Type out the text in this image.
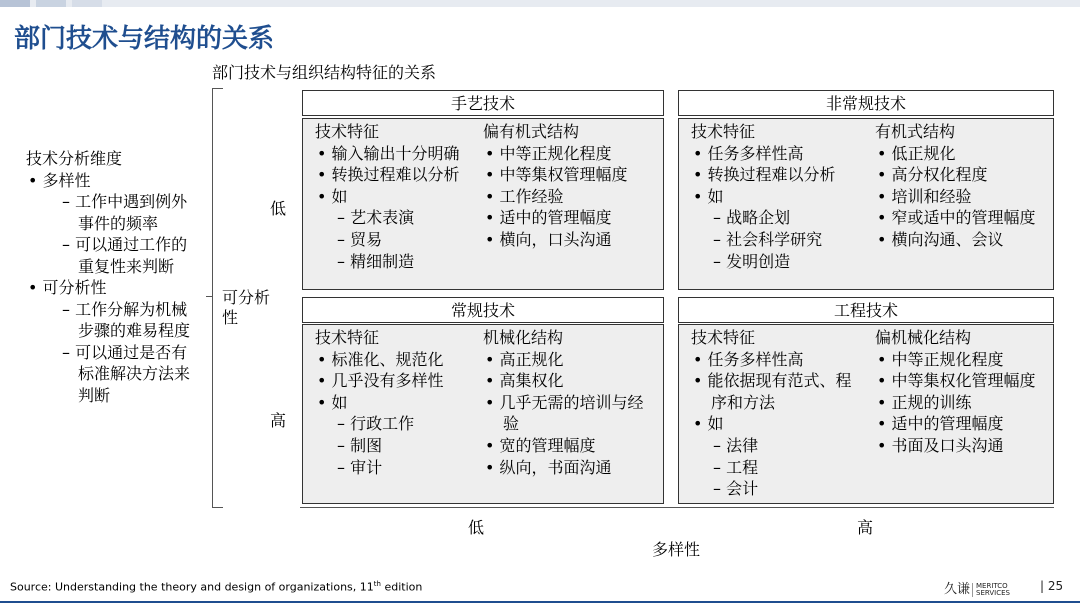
部门技术与结构的关系
部门技术与组织结构特征的关系
技术分析维度
• 多样性
– 工作中遇到例外事件的频率
– 可以通过工作的重复性来判断
• 可分析性
– 工作分解为机械步骤的难易程度
– 可以通过是否有标准解决方法来判断
可分析性
低
高
手艺技术
技术特征
• 输入输出十分明确
• 转换过程难以分析
• 如
– 艺术表演
– 贸易
– 精细制造
偏有机式结构
• 中等正规化程度
• 中等集权管理幅度
• 工作经验
• 适中的管理幅度
• 横向，口头沟通
非常规技术
技术特征
• 任务多样性高
• 转换过程难以分析
• 如
– 战略企划
– 社会科学研究
– 发明创造
有机式结构
• 低正规化
• 高分权化程度
• 培训和经验
• 窄或适中的管理幅度
• 横向沟通、会议
常规技术
技术特征
• 标准化、规范化
• 几乎没有多样性
• 如
– 行政工作
– 制图
– 审计
机械化结构
• 高正规化
• 高集权化
• 几乎无需的培训与经验
• 宽的管理幅度
• 纵向，书面沟通
工程技术
技术特征
• 任务多样性高
• 能依据现有范式、程序和方法
• 如
– 法律
– 工程
– 会计
偏机械化结构
• 中等正规化程度
• 中等集权化管理幅度
• 正规的训练
• 适中的管理幅度
• 书面及口头沟通
低	高
多样性
Source: Understanding the theory and design of organizations, 11th edition	久谦 MERITCO
SERVICES	| 25
